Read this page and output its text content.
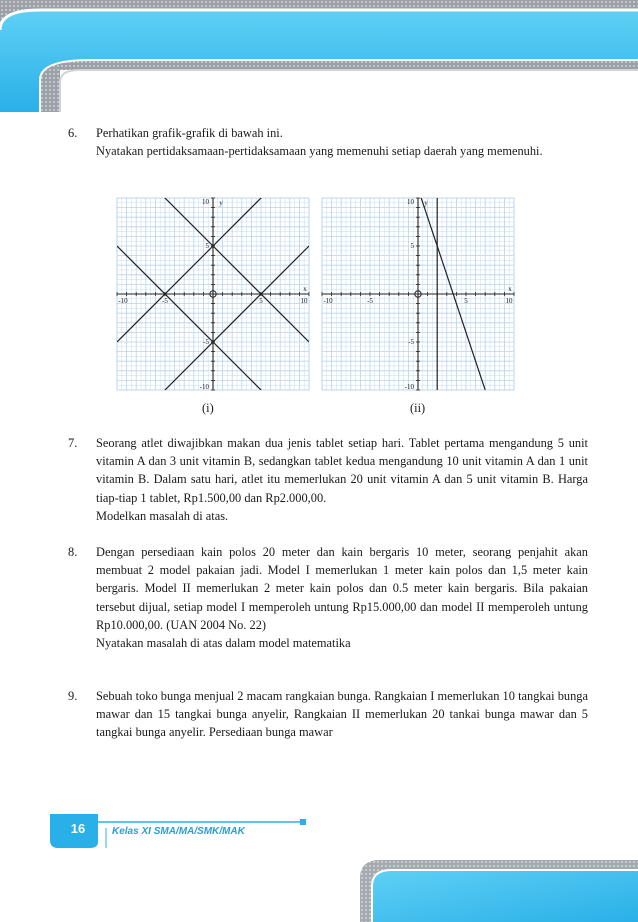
6. Perhatikan grafik-grafik di bawah ini.

Nyatakan pertidaksamaan-pertidaksamaan yang memenuhi setiap daerah yang memenuhi.

7. Seorang atlet diwajibkan makan dua jenis tablet setiap hari. Tablet pertama mengandung 5 unit vitamin A dan 3 unit vitamin B, sedangkan tablet kedua mengandung 10 unit vitamin A dan 1 unit vitamin B. Dalam satu hari, atlet itu memerlukan 20 unit vitamin A dan 5 unit vitamin B. Harga tiap-tiap 1 tablet, Rp1.500,00 dan Rp2.000,00.

Modelkan masalah di atas.

8. Dengan persediaan kain polos 20 meter dan kain bergaris 10 meter, seorang penjahit akan membuat 2 model pakaian jadi. Model I memerlukan 1 meter kain polos dan 1,5 meter kain bergaris. Model II memerlukan 2 meter kain polos dan 0.5 meter kain bergaris. Bila pakaian tersebut dijual, setiap model I memperoleh untung Rp15.000,00 dan model II memperoleh untung Rp10.000,00. (UAN 2004 No. 22)

Nyatakan masalah di atas dalam model matematika

9. Sebuah toko bunga menjual 2 macam rangkaian bunga. Rangkaian I memerlukan 10 tangkai bunga mawar dan 15 tangkai bunga anyelir, Rangkaian II memerlukan 20 tankai bunga mawar dan 5 tangkai bunga anyelir. Persediaan bunga mawar

-10	-5	5	10
10
5
-5
-10
x
y
-10	-5	5	10
10
5
-5
-10
x
y
(i)	(ii)
16	Kelas XI SMA/MA/SMK/MAK
